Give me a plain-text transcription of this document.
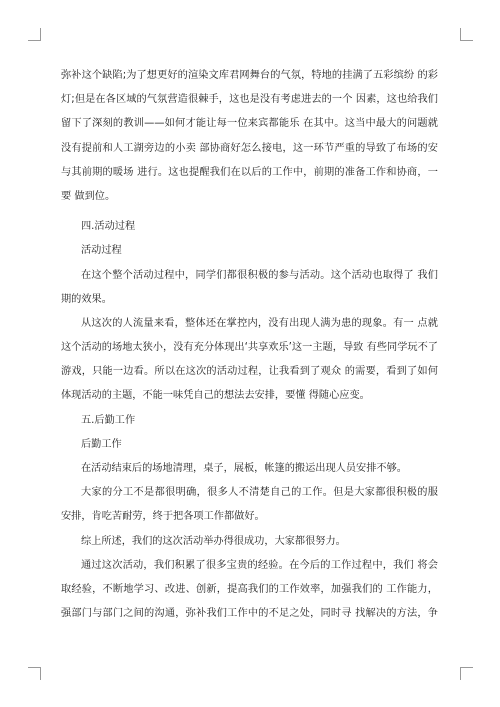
弥补这个缺陷;为了想更好的渲染文库君网舞台的气氛，特地的挂满了五彩缤纷 的彩
灯;但是在各区域的气氛营造很棘手，这也是没有考虑进去的一个 因素，这也给我们
留下了深刻的教训——如何才能让每一位来宾都能乐 在其中。这当中最大的问题就
没有提前和人工湖旁边的小卖 部协商好怎么接电，这一环节严重的导致了布场的安
与其前期的暖场 进行。这也提醒我们在以后的工作中，前期的准备工作和协商，一
要 做到位。
四.活动过程
活动过程
在这个整个活动过程中，同学们都很积极的参与活动。这个活动也取得了 我们
期的效果。
从这次的人流量来看，整体还在掌控内，没有出现人满为患的现象。有一 点就
这个活动的场地太狭小，没有充分体现出‘共享欢乐’这一主题，导致 有些同学玩不了
游戏，只能一边看。所以在这次的活动过程，让我看到了观众 的需要，看到了如何
体现活动的主题，不能一味凭自己的想法去安排，要懂 得随心应变。
五.后勤工作
后勤工作
在活动结束后的场地清理，桌子，展板，帐篷的搬运出现人员安排不够。
大家的分工不是都很明确，很多人不清楚自己的工作。但是大家都很积极的服
安排，肯吃苦耐劳，终于把各项工作都做好。
综上所述，我们的这次活动举办得很成功，大家都很努力。
通过这次活动，我们积累了很多宝贵的经验。在今后的工作过程中，我们 将会
取经验，不断地学习、改进、创新，提高我们的工作效率，加强我们的 工作能力，
强部门与部门之间的沟通，弥补我们工作中的不足之处，同时寻 找解决的方法，争
